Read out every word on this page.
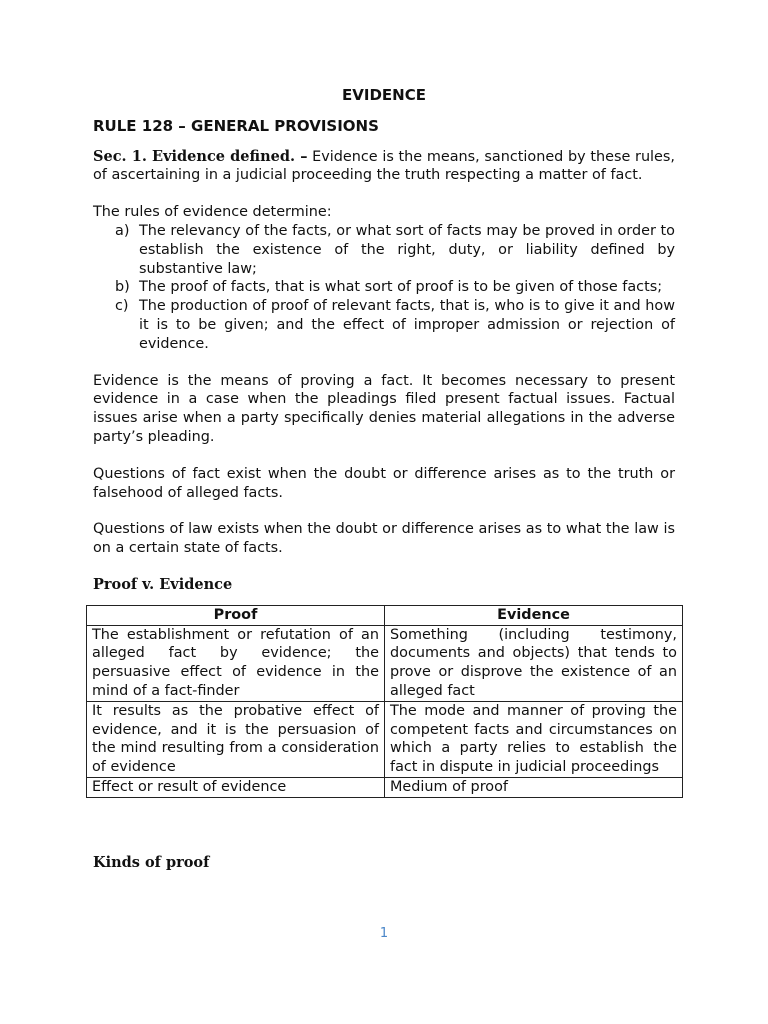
EVIDENCE

RULE 128 – GENERAL PROVISIONS

Sec. 1. Evidence defined. – Evidence is the means, sanctioned by these rules, of ascertaining in a judicial proceeding the truth respecting a matter of fact.

The rules of evidence determine:

a) The relevancy of the facts, or what sort of facts may be proved in order to establish the existence of the right, duty, or liability defined by substantive law;
b) The proof of facts, that is what sort of proof is to be given of those facts;
c) The production of proof of relevant facts, that is, who is to give it and how it is to be given; and the effect of improper admission or rejection of evidence.

Evidence is the means of proving a fact. It becomes necessary to present evidence in a case when the pleadings filed present factual issues. Factual issues arise when a party specifically denies material allegations in the adverse party’s pleading.

Questions of fact exist when the doubt or difference arises as to the truth or falsehood of alleged facts.

Questions of law exists when the doubt or difference arises as to what the law is on a certain state of facts.

Proof v. Evidence

Proof	Evidence
The establishment or refutation of an alleged fact by evidence; the persuasive effect of evidence in the mind of a fact-finder	Something (including testimony, documents and objects) that tends to prove or disprove the existence of an alleged fact
It results as the probative effect of evidence, and it is the persuasion of the mind resulting from a consideration of evidence	The mode and manner of proving the competent facts and circumstances on which a party relies to establish the fact in dispute in judicial proceedings
Effect or result of evidence	Medium of proof

Kinds of proof

1
